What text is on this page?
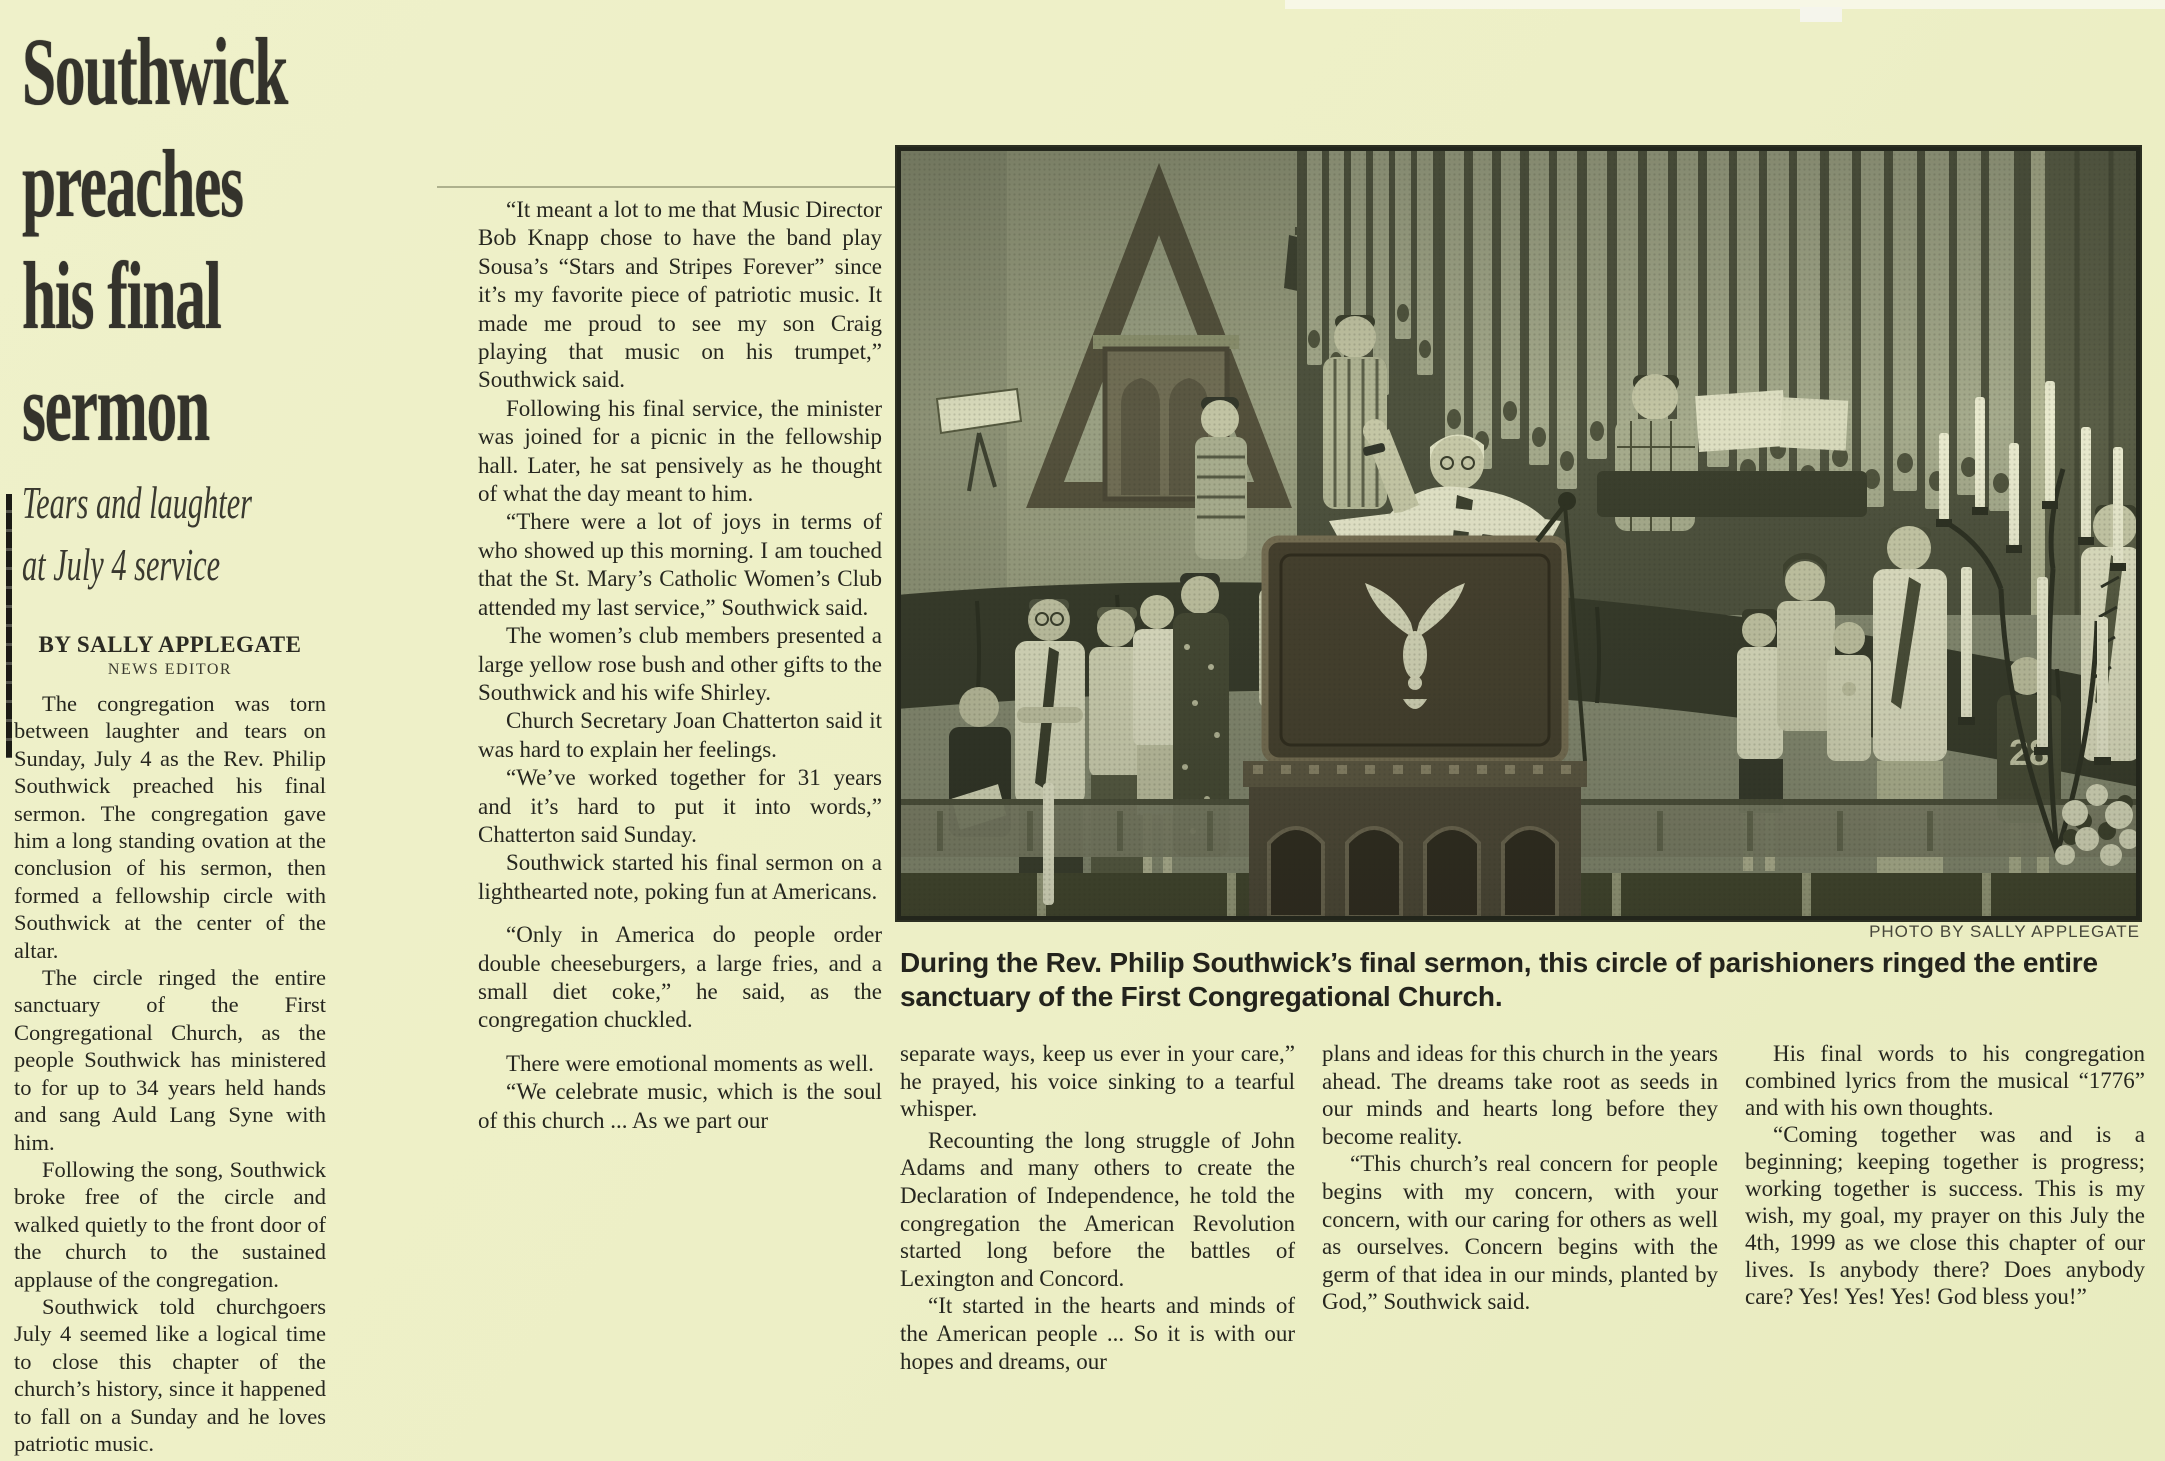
Southwick
preaches
his final
sermon
Tears and laughter
at July 4 service
BY SALLY APPLEGATE
NEWS EDITOR

The congregation was torn between laughter and tears on Sunday, July 4 as the Rev. Philip Southwick preached his final sermon. The congregation gave him a long standing ovation at the conclusion of his sermon, then formed a fellowship circle with Southwick at the center of the altar.

The circle ringed the entire sanctuary of the First Congregational Church, as the people Southwick has ministered to for up to 34 years held hands and sang Auld Lang Syne with him.

Following the song, Southwick broke free of the circle and walked quietly to the front door of the church to the sustained applause of the congregation.

Southwick told churchgoers July 4 seemed like a logical time to close this chapter of the church’s history, since it happened to fall on a Sunday and he loves patriotic music.

“It meant a lot to me that Music Director Bob Knapp chose to have the band play Sousa’s “Stars and Stripes Forever” since it’s my favorite piece of patriotic music. It made me proud to see my son Craig playing that music on his trumpet,” Southwick said.

Following his final service, the minister was joined for a picnic in the fellowship hall. Later, he sat pensively as he thought of what the day meant to him.

“There were a lot of joys in terms of who showed up this morning. I am touched that the St. Mary’s Catholic Women’s Club attended my last service,” Southwick said.

The women’s club members presented a large yellow rose bush and other gifts to the Southwick and his wife Shirley.

Church Secretary Joan Chatterton said it was hard to explain her feelings.

“We’ve worked together for 31 years and it’s hard to put it into words,” Chatterton said Sunday.

Southwick started his final sermon on a lighthearted note, poking fun at Americans.

“Only in America do people order double cheeseburgers, a large fries, and a small diet coke,” he said, as the congregation chuckled.

There were emotional moments as well.

“We celebrate music, which is the soul of this church ... As we part our

separate ways, keep us ever in your care,” he prayed, his voice sinking to a tearful whisper.

Recounting the long struggle of John Adams and many others to create the Declaration of Independence, he told the congregation the American Revolution started long before the battles of Lexington and Concord.

“It started in the hearts and minds of the American people ... So it is with our hopes and dreams, our

plans and ideas for this church in the years ahead. The dreams take root as seeds in our minds and hearts long before they become reality.

“This church’s real concern for people begins with my concern, with your concern, with our caring for others as well as ourselves. Concern begins with the germ of that idea in our minds, planted by God,” Southwick said.

His final words to his congregation combined lyrics from the musical “1776” and with his own thoughts.

“Coming together was and is a beginning; keeping together is progress; working together is success. This is my wish, my goal, my prayer on this July the 4th, 1999 as we close this chapter of our lives. Is anybody there? Does anybody care? Yes! Yes! Yes! God bless you!”

PHOTO BY SALLY APPLEGATE
During the Rev. Philip Southwick’s final sermon, this circle of parishioners ringed the entire sanctuary of the First Congregational Church.
